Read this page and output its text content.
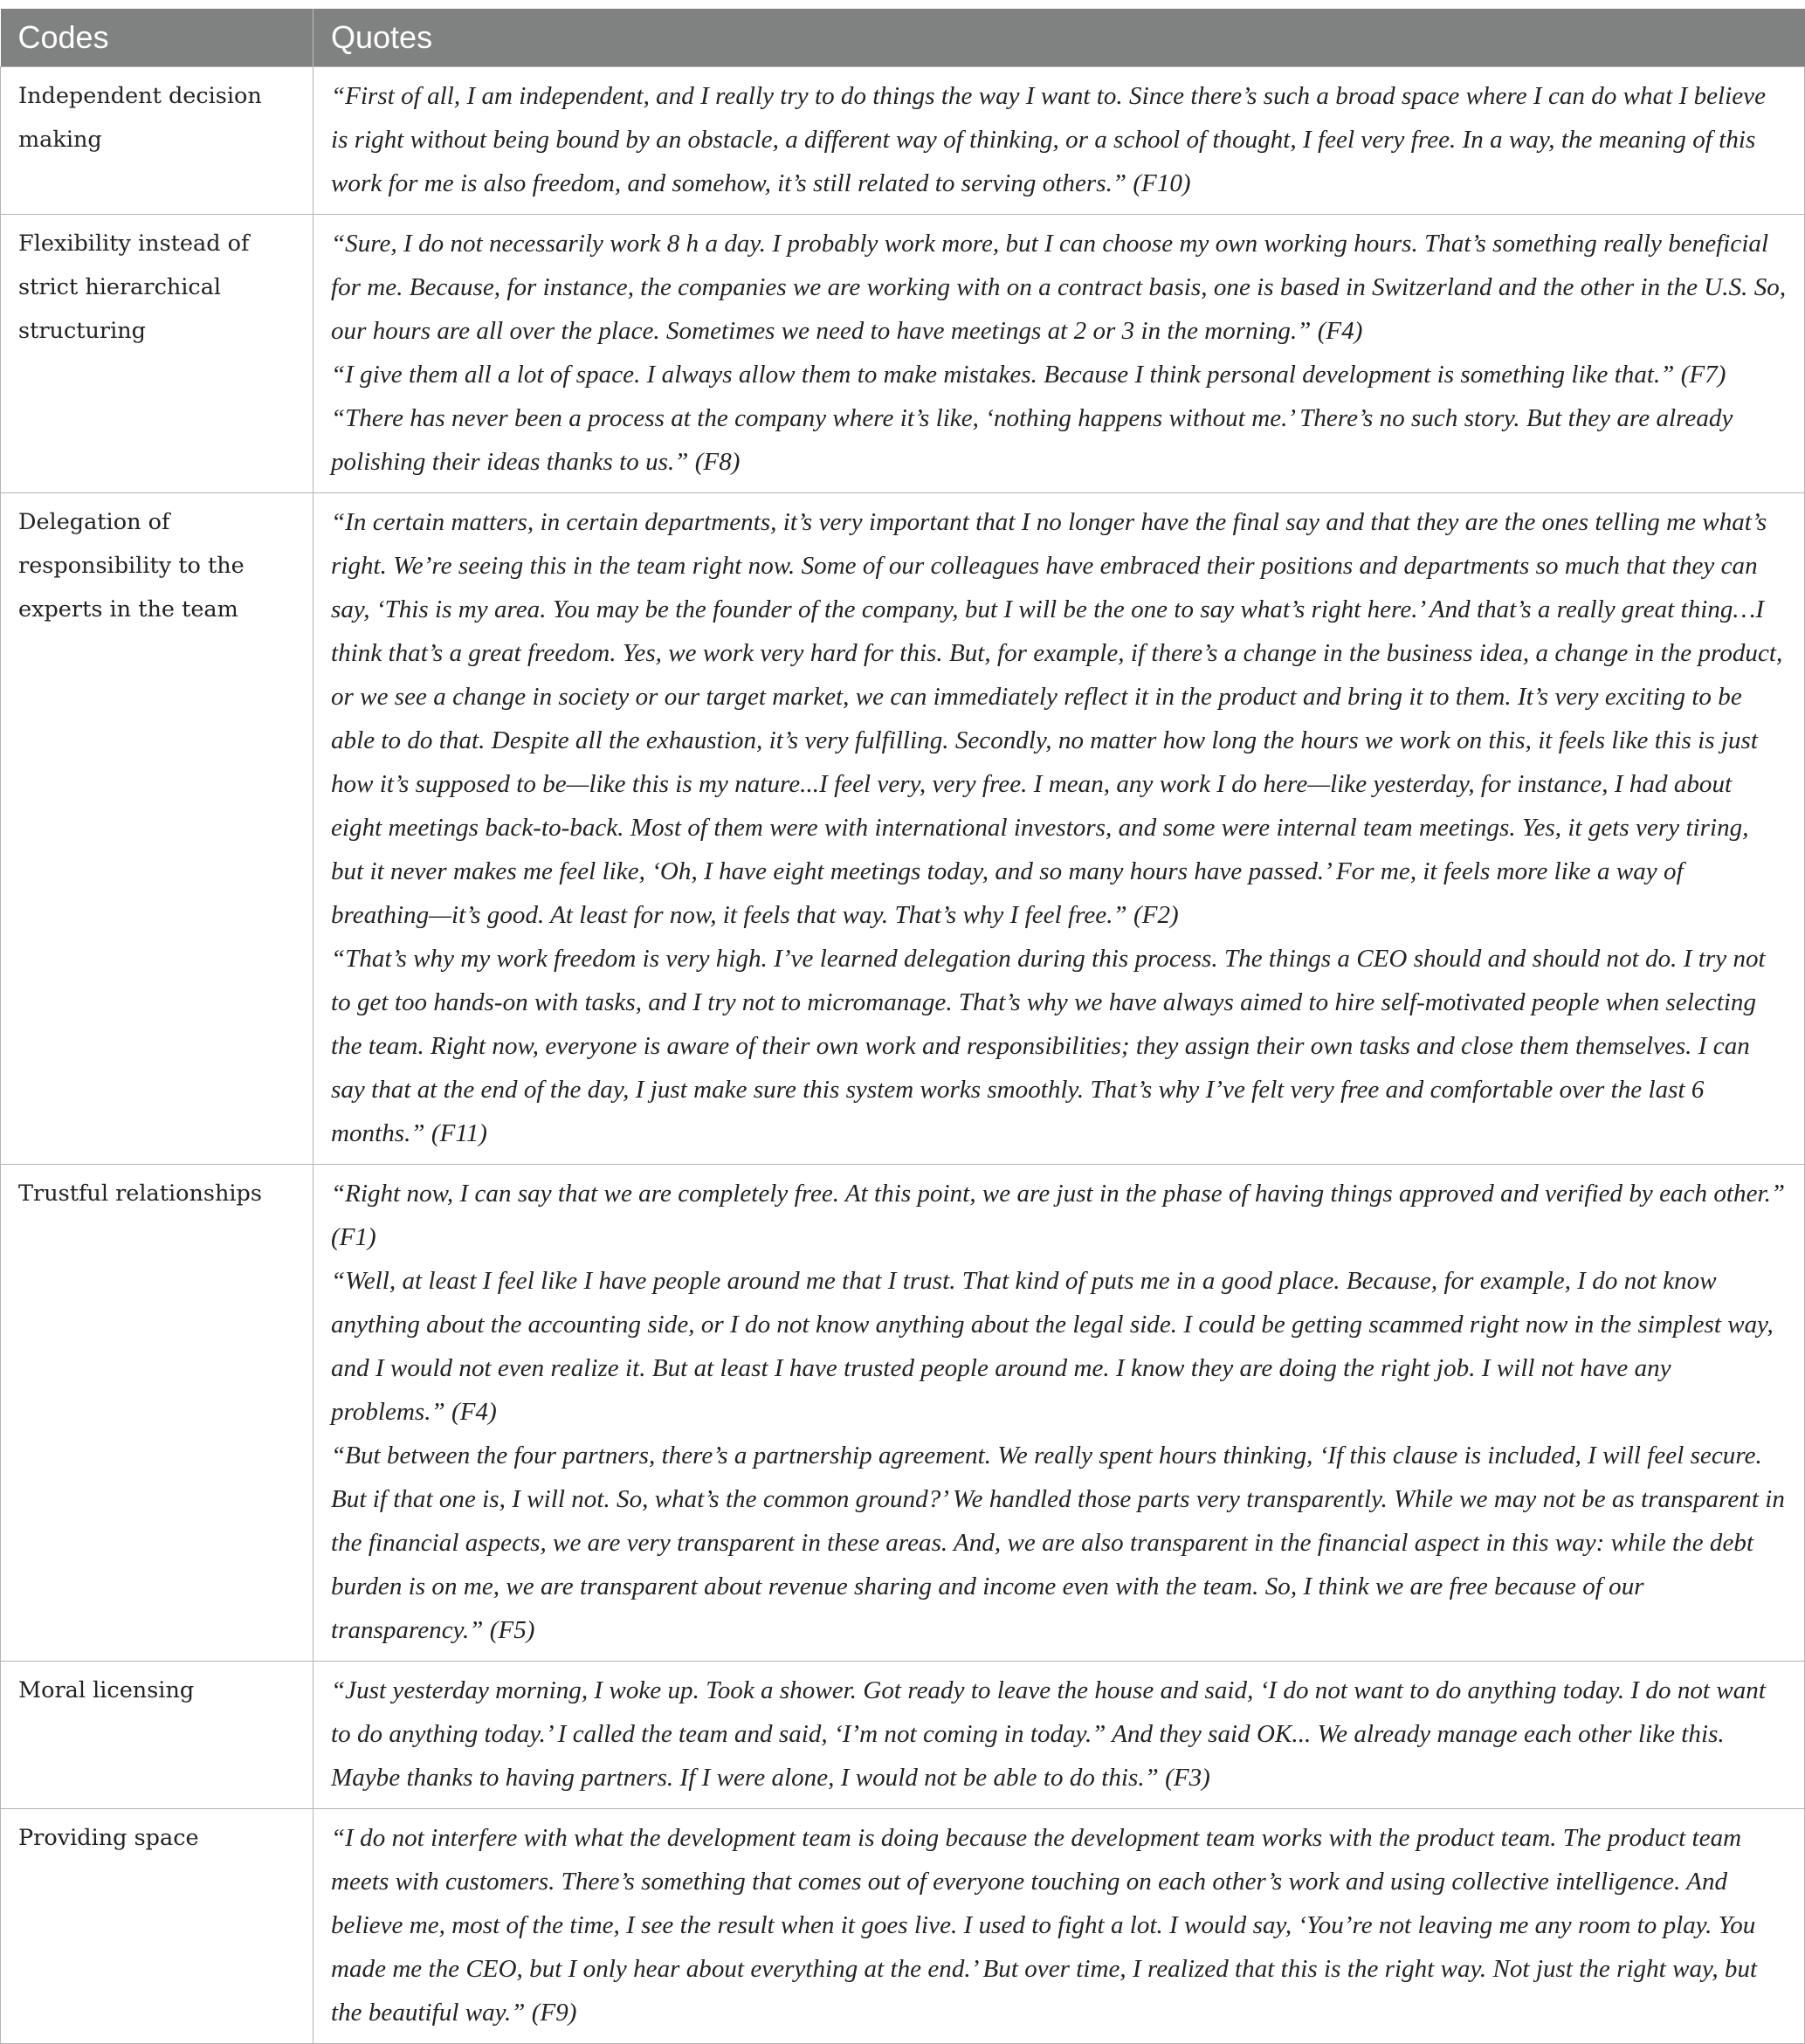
Codes	Quotes
Independent decision making	“First of all, I am independent, and I really try to do things the way I want to. Since there’s such a broad space where I can do what I believe is right without being bound by an obstacle, a different way of thinking, or a school of thought, I feel very free. In a way, the meaning of this work for me is also freedom, and somehow, it’s still related to serving others.” (F10)

Flexibility instead of strict hierarchical structuring	“Sure, I do not necessarily work 8 h a day. I probably work more, but I can choose my own working hours. That’s something really beneficial for me. Because, for instance, the companies we are working with on a contract basis, one is based in Switzerland and the other in the U.S. So, our hours are all over the place. Sometimes we need to have meetings at 2 or 3 in the morning.” (F4)
“I give them all a lot of space. I always allow them to make mistakes. Because I think personal development is something like that.” (F7)
“There has never been a process at the company where it’s like, ‘nothing happens without me.’ There’s no such story. But they are already polishing their ideas thanks to us.” (F8)

Delegation of responsibility to the experts in the team	“In certain matters, in certain departments, it’s very important that I no longer have the final say and that they are the ones telling me what’s right. We’re seeing this in the team right now. Some of our colleagues have embraced their positions and departments so much that they can say, ‘This is my area. You may be the founder of the company, but I will be the one to say what’s right here.’ And that’s a really great thing…I think that’s a great freedom. Yes, we work very hard for this. But, for example, if there’s a change in the business idea, a change in the product, or we see a change in society or our target market, we can immediately reflect it in the product and bring it to them. It’s very exciting to be able to do that. Despite all the exhaustion, it’s very fulfilling. Secondly, no matter how long the hours we work on this, it feels like this is just how it’s supposed to be—like this is my nature...I feel very, very free. I mean, any work I do here—like yesterday, for instance, I had about eight meetings back-to-back. Most of them were with international investors, and some were internal team meetings. Yes, it gets very tiring, but it never makes me feel like, ‘Oh, I have eight meetings today, and so many hours have passed.’ For me, it feels more like a way of breathing—it’s good. At least for now, it feels that way. That’s why I feel free.” (F2)
“That’s why my work freedom is very high. I’ve learned delegation during this process. The things a CEO should and should not do. I try not to get too hands-on with tasks, and I try not to micromanage. That’s why we have always aimed to hire self-motivated people when selecting the team. Right now, everyone is aware of their own work and responsibilities; they assign their own tasks and close them themselves. I can say that at the end of the day, I just make sure this system works smoothly. That’s why I’ve felt very free and comfortable over the last 6 months.” (F11)

Trustful relationships	“Right now, I can say that we are completely free. At this point, we are just in the phase of having things approved and verified by each other.” (F1)
“Well, at least I feel like I have people around me that I trust. That kind of puts me in a good place. Because, for example, I do not know anything about the accounting side, or I do not know anything about the legal side. I could be getting scammed right now in the simplest way, and I would not even realize it. But at least I have trusted people around me. I know they are doing the right job. I will not have any problems.” (F4)
“But between the four partners, there’s a partnership agreement. We really spent hours thinking, ‘If this clause is included, I will feel secure. But if that one is, I will not. So, what’s the common ground?’ We handled those parts very transparently. While we may not be as transparent in the financial aspects, we are very transparent in these areas. And, we are also transparent in the financial aspect in this way: while the debt burden is on me, we are transparent about revenue sharing and income even with the team. So, I think we are free because of our transparency.” (F5)

Moral licensing	“Just yesterday morning, I woke up. Took a shower. Got ready to leave the house and said, ‘I do not want to do anything today. I do not want to do anything today.’ I called the team and said, ‘I’m not coming in today.” And they said OK... We already manage each other like this. Maybe thanks to having partners. If I were alone, I would not be able to do this.” (F3)

Providing space	“I do not interfere with what the development team is doing because the development team works with the product team. The product team meets with customers. There’s something that comes out of everyone touching on each other’s work and using collective intelligence. And believe me, most of the time, I see the result when it goes live. I used to fight a lot. I would say, ‘You’re not leaving me any room to play. You made me the CEO, but I only hear about everything at the end.’ But over time, I realized that this is the right way. Not just the right way, but the beautiful way.” (F9)
